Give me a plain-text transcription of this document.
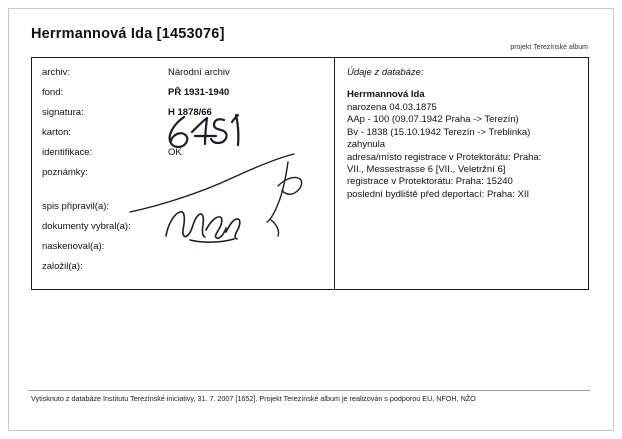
Herrmannová Ida [1453076]
projekt Terezínské album
archiv:	Národní archiv
fond:	PŘ 1931-1940
signatura:	H 1878/66
karton:
identifikace:	OK
poznámky:
spis připravil(a):
dokumenty vybral(a):
naskenoval(a):
založil(a):
Údaje z databáze:
Herrmannová Ida
narozena 04.03.1875
AAp - 100 (09.07.1942 Praha -> Terezín)
Bv - 1838 (15.10.1942 Terezín -> Treblinka)
zahynula
adresa/místo registrace v Protektorátu: Praha:
VII., Messestrasse 6 [VII., Veletržní 6]
registrace v Protektorátu: Praha: 15240
poslední bydliště před deportací: Praha: XII
Vytisknuto z databáze Institutu Terezínské iniciativy, 31. 7. 2007 [1652]. Projekt Terezínské album je realizován s podporou EU, NFOH, NŽO
